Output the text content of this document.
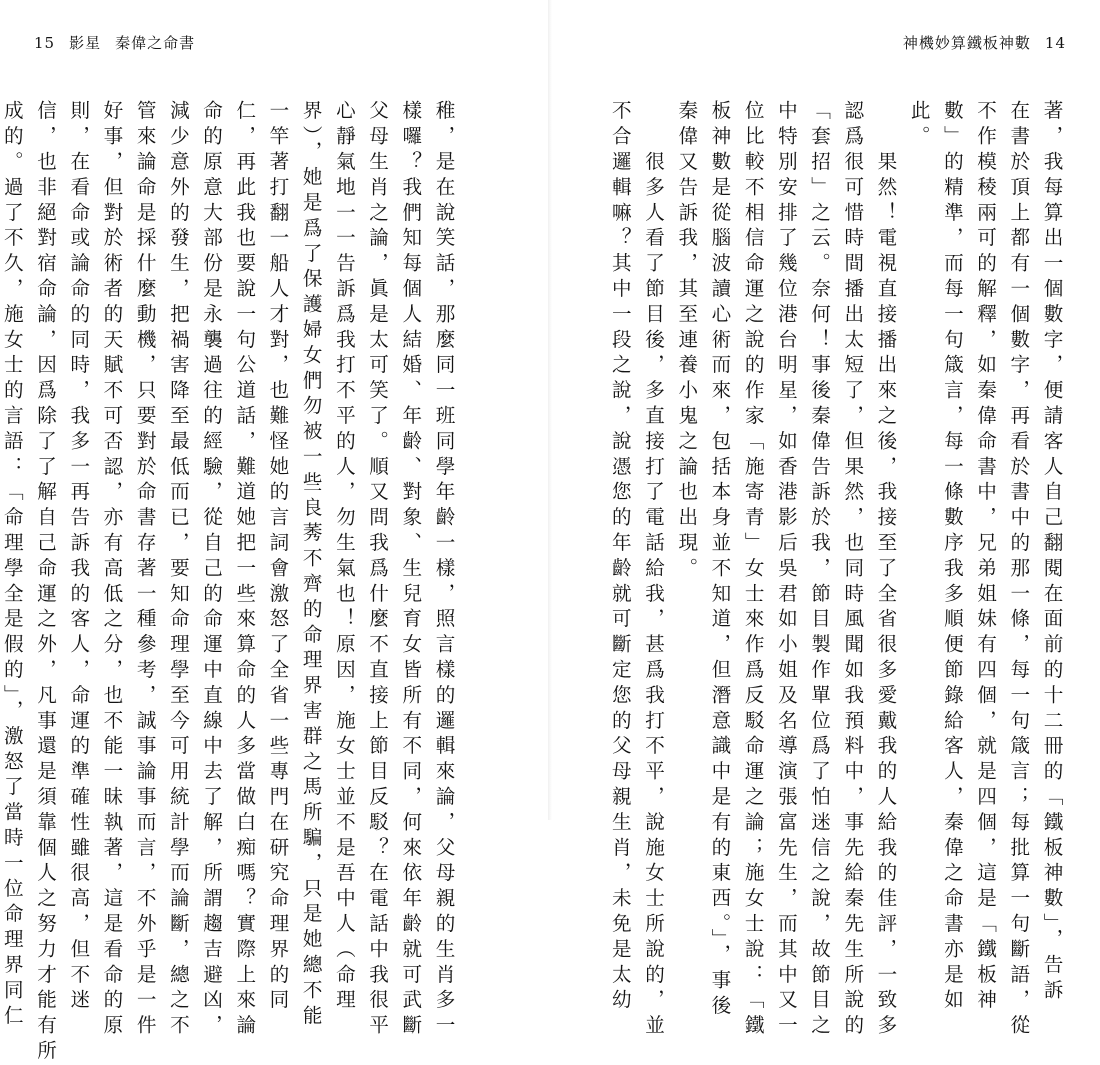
15 影星 秦偉之命書	神機妙算鐵板神數 14
稚，是在說笑話，那麼同一班同學年齡一樣，照言樣的邏輯來論，父母親的生肖多一
樣囉？我們知每個人結婚、年齡、對象、生兒育女皆所有不同，何來依年齡就可武斷
父母生肖之論，眞是太可笑了。順又問我爲什麼不直接上節目反駁？在電話中我很平
心靜氣地一一告訴爲我打不平的人，勿生氣也！原因，施女士並不是吾中人（命理
界），她是爲了保護婦女們勿被一些良莠不齊的命理界害群之馬所騙，只是她總不能
一竿著打翻一船人才對，也難怪她的言詞會激怒了全省一些專門在研究命理界的同
仁，再此我也要說一句公道話，難道她把一些來算命的人多當做白痴嗎？實際上來論
命的原意大部份是永襲過往的經驗，從自己的命運中直線中去了解，所謂趨吉避凶，
減少意外的發生，把禍害降至最低而已，要知命理學至今可用統計學而論斷，總之不
管來論命是採什麼動機，只要對於命書存著一種參考，誠事論事而言，不外乎是一件
好事，但對於術者的天賦不可否認，亦有高低之分，也不能一昧執著，這是看命的原
則，在看命或論命的同時，我多一再告訴我的客人，命運的準確性雖很高，但不迷
信，也非絕對宿命論，因爲除了了解自己命運之外，凡事還是須靠個人之努力才能有所
成的。過了不久，施女士的言語：「命理學全是假的」，激怒了當時一位命理界同仁	著，我每算出一個數字，便請客人自己翻閱在面前的十二冊的「鐵板神數」，告訴
在書於頂上都有一個數字，再看於書中的那一條，每一句箴言；每批算一句斷語，從
不作模稜兩可的解釋，如秦偉命書中，兄弟姐妹有四個，就是四個，這是「鐵板神
數」的精準，而每一句箴言，每一條數序我多順便節錄給客人，秦偉之命書亦是如
此。
　　果然！電視直接播出來之後，我接至了全省很多愛戴我的人給我的佳評，一致多
認爲很可惜時間播出太短了，但果然，也同時風聞如我預料中，事先給秦先生所說的
「套招」之云。奈何！事後秦偉告訴於我，節目製作單位爲了怕迷信之說，故節目之
中特別安排了幾位港台明星，如香港影后吳君如小姐及名導演張富先生，而其中又一
位比較不相信命運之說的作家「施寄青」女士來作爲反駁命運之論；施女士說：「鐵
板神數是從腦波讀心術而來，包括本身並不知道，但潛意識中是有的東西。」，事後
秦偉又告訴我，其至連養小鬼之論也出現。
　　很多人看了節目後，多直接打了電話給我，甚爲我打不平，說施女士所說的，並
不合邏輯嘛？其中一段之說，說憑您的年齡就可斷定您的父母親生肖，未免是太幼
